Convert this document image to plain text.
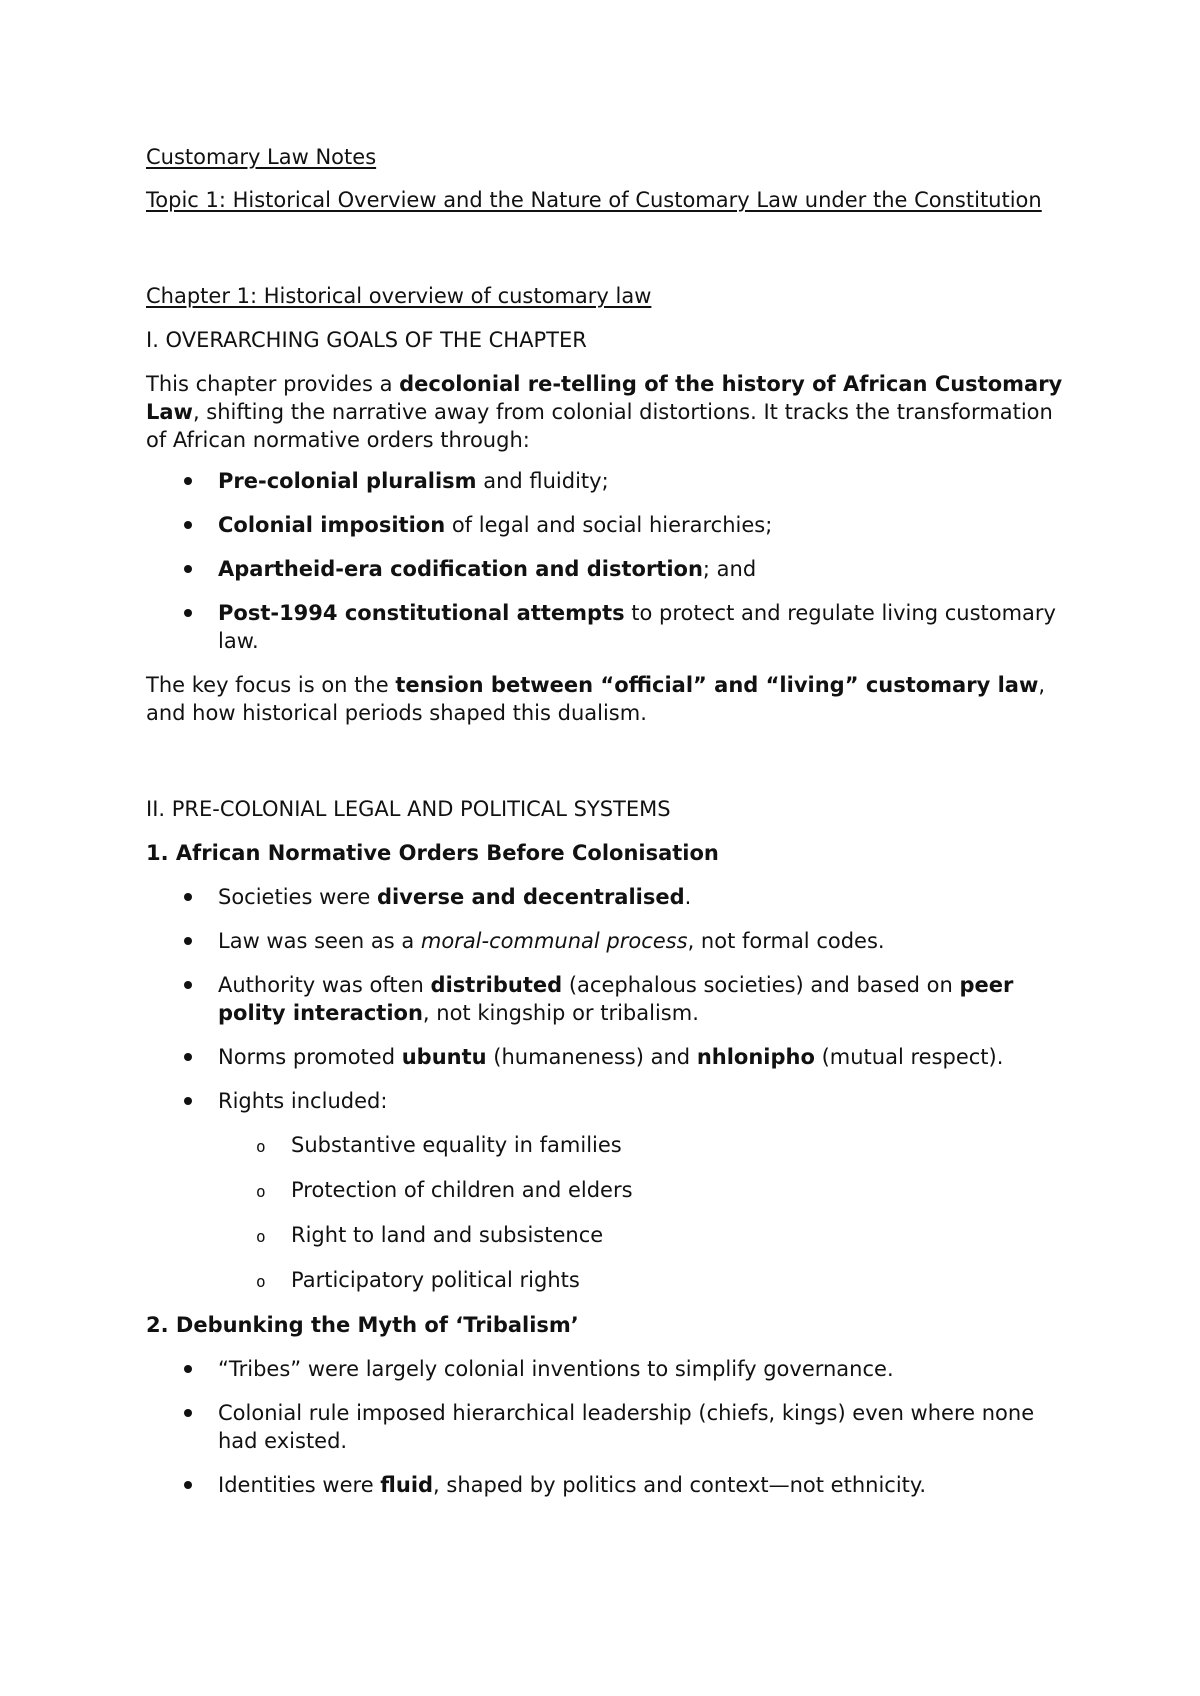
Customary Law Notes

Topic 1: Historical Overview and the Nature of Customary Law under the Constitution

Chapter 1: Historical overview of customary law

I. OVERARCHING GOALS OF THE CHAPTER

This chapter provides a decolonial re-telling of the history of African Customary Law, shifting the narrative away from colonial distortions. It tracks the transformation of African normative orders through:

Pre-colonial pluralism and fluidity;
Colonial imposition of legal and social hierarchies;
Apartheid-era codification and distortion; and
Post-1994 constitutional attempts to protect and regulate living customary law.

The key focus is on the tension between “official” and “living” customary law, and how historical periods shaped this dualism.

II. PRE-COLONIAL LEGAL AND POLITICAL SYSTEMS

1. African Normative Orders Before Colonisation

Societies were diverse and decentralised.
Law was seen as a moral-communal process, not formal codes.
Authority was often distributed (acephalous societies) and based on peer polity interaction, not kingship or tribalism.
Norms promoted ubuntu (humaneness) and nhlonipho (mutual respect).
Rights included:
o Substantive equality in families
o Protection of children and elders
o Right to land and subsistence
o Participatory political rights

2. Debunking the Myth of ‘Tribalism’

“Tribes” were largely colonial inventions to simplify governance.
Colonial rule imposed hierarchical leadership (chiefs, kings) even where none had existed.
Identities were fluid, shaped by politics and context—not ethnicity.
